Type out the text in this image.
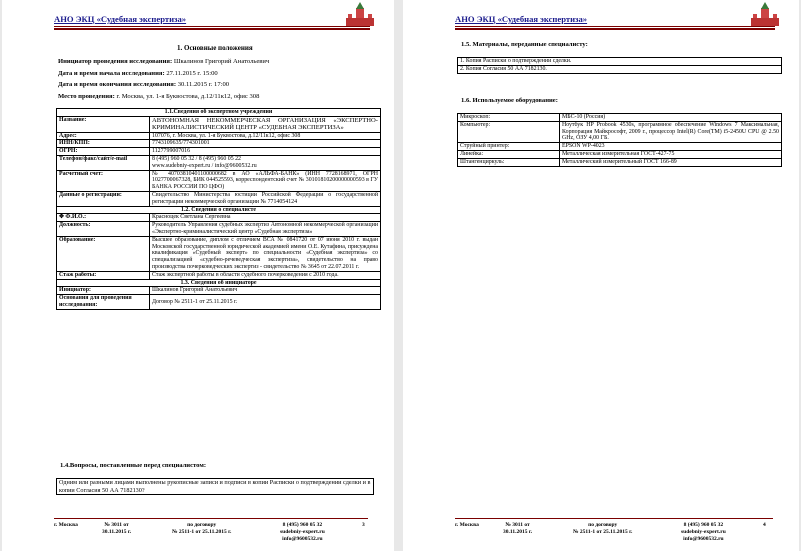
АНО ЭКЦ «Судебная экспертиза»
1. Основные положения
Инициатор проведения исследования: Шкалинов Григорий Анатольевич
Дата и время начала исследования: 27.11.2015 г. 15:00
Дата и время окончания исследования: 30.11.2015 г. 17:00
Место проведения: г. Москва, ул. 1-я Буквостова, д.12/11к12, офис 308
1.1.Сведения об экспертном учреждении	
Название:	АВТОНОМНАЯ НЕКОММЕРЧЕСКАЯ ОРГАНИЗАЦИЯ «ЭКСПЕРТНО-КРИМИНАЛИСТИЧЕСКИЙ ЦЕНТР «СУДЕБНАЯ ЭКСПЕРТИЗА»
Адрес:	107076, г. Москва, ул. 1-я Буквостова, д.12/11к12, офис 308
ИНН/КПП:	7743109635/774301001
ОГРН:	1127799007016
Телефон/факс/сайт/e-mail	8 (495) 960 05 32 / 8 (495) 960 05 22
www.sudebniy-expert.ru / info@9600532.ru

Расчетный счет:	№ 40703810401100000682 в АО «АЛЬФА-БАНК» (ИНН 7728168971, ОГРН 1027700067328, БИК 044525593, корреспондентский счет № 30101810200000000593 в ГУ БАНКА РОССИИ ПО ЦФО)
Данные о регистрации:	Свидетельство Министерства юстиции Российской Федерации о государственной регистрации некоммерческой организации № 7714054124
1.2. Сведения о специалисте	
✥ Ф.И.О.:	Красноцек Светлана Сергеевна
Должность:	Руководитель Управления судебных экспертиз Автономной некоммерческой организации «Экспертно-криминалистический центр «Судебная экспертиза»
Образование:	Высшее образование, диплом с отличием ВСА № 0841720 от 07 июня 2010 г. выдан Московской государственной юридической академией имени О.Е. Кутафина, присуждена квалификация «Судебный эксперт» по специальности «Судебная экспертиза» со специализацией «судебно-речеведческая экспертиза», свидетельство на право производства почерковедческих экспертиз - свидетельство № 3645 от 22.07.2011 г.
Стаж работы:	Стаж экспертной работы в области судебного почерковедения с 2010 года.
1.3. Сведения об инициаторе	
Инициатор:	Шкалинов Григорий Анатольевич
Основания для проведения исследования:	Договор № 2511-1 от 25.11.2015 г.
1.4.Вопросы, поставленные перед специалистом:
Одним или разными лицами выполнены рукописные записи и подписи в копии Расписки о подтверждении сделки и в копии Согласия 50 АА 7182130?
г. Москва	№ 3011 от
30.11.2015 г.
по договору
№ 2511-1 от 25.11.2015 г.
8 (495) 960 05 32
sudebniy-expert.ru
info@9600532.ru
3
АНО ЭКЦ «Судебная экспертиза»
1.5. Материалы, переданные специалисту:
1. Копия Расписки о подтверждении сделки.
2. Копия Согласия 50 АА 7182130.
1.6. Используемое оборудование:
Микроскоп:	МБС-10 (Россия)
Компьютер:	Ноутбук HP Probook 4530s, программное обеспечение Windows 7 Максимальная, Корпорация Майкрософт, 2009 г., процессор Intel(R) Core(TM) i5-2450U CPU @ 2.50 GHz, ОЗУ 4,00 ГБ.
Струйный принтер:	EPSON WP-4023
Линейка:	Металлическая измерительная ГОСТ-427-75
Штангенциркуль:	Металлический измерительный ГОСТ 166-89
г. Москва	№ 3011 от
30.11.2015 г.
по договору
№ 2511-1 от 25.11.2015 г.
8 (495) 960 05 32
sudebniy-expert.ru
info@9600532.ru
4
